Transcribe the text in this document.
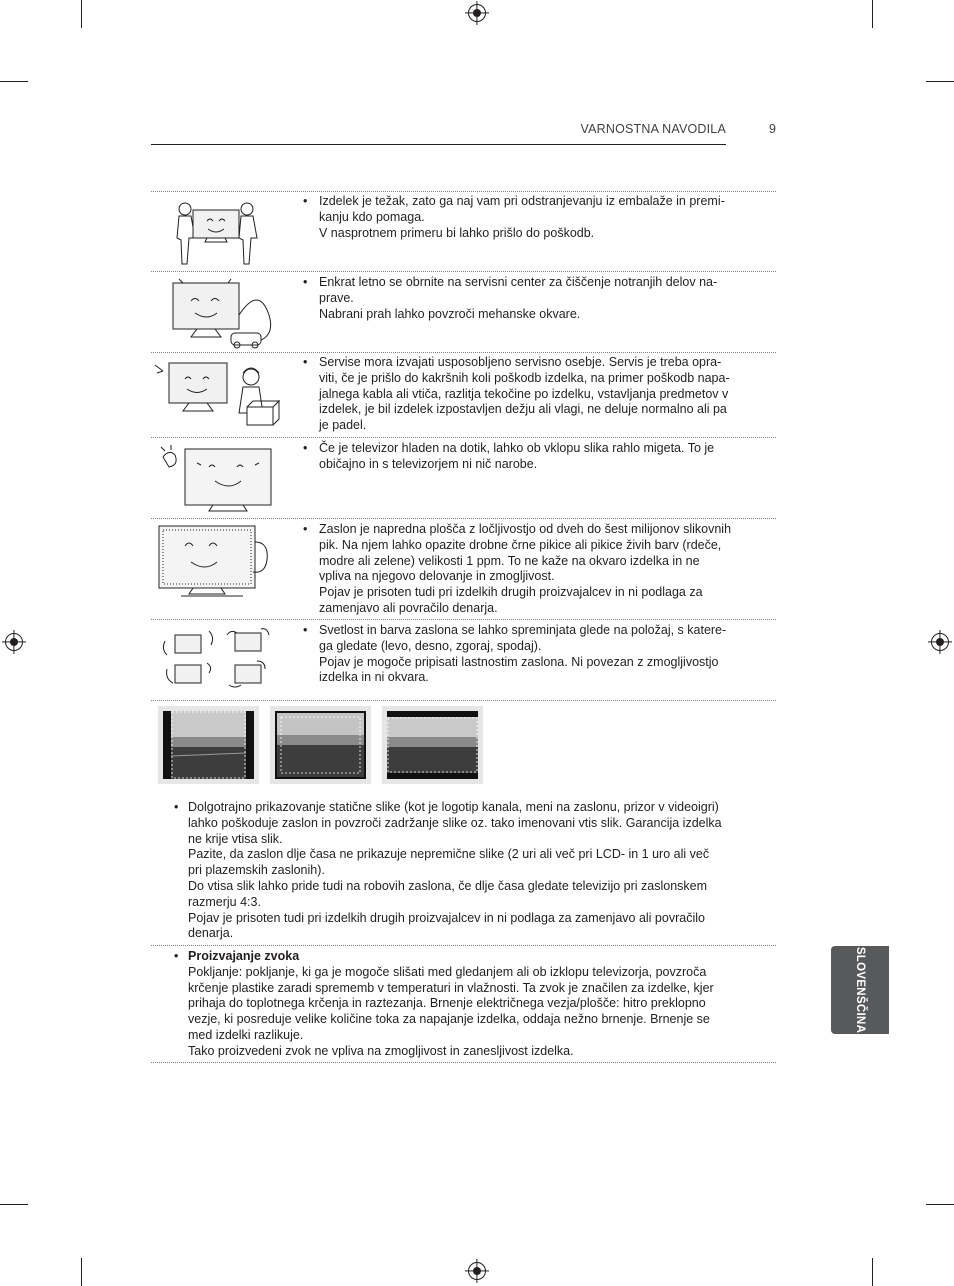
VARNOSTNA NAVODILA	9

• Izdelek je težak, zato ga naj vam pri odstranjevanju iz embalaže in premi-

kanju kdo pomaga.

V nasprotnem primeru bi lahko prišlo do poškodb.

• Enkrat letno se obrnite na servisni center za čiščenje notranjih delov na-

prave.

Nabrani prah lahko povzroči mehanske okvare.

• Servise mora izvajati usposobljeno servisno osebje. Servis je treba opra-

viti, če je prišlo do kakršnih koli poškodb izdelka, na primer poškodb napa-

jalnega kabla ali vtiča, razlitja tekočine po izdelku, vstavljanja predmetov v

izdelek, je bil izdelek izpostavljen dežju ali vlagi, ne deluje normalno ali pa

je padel.

• Če je televizor hladen na dotik, lahko ob vklopu slika rahlo migeta. To je

običajno in s televizorjem ni nič narobe.

• Zaslon je napredna plošča z ločljivostjo od dveh do šest milijonov slikovnih

pik. Na njem lahko opazite drobne črne pikice ali pikice živih barv (rdeče,

modre ali zelene) velikosti 1 ppm. To ne kaže na okvaro izdelka in ne

vpliva na njegovo delovanje in zmogljivost.

Pojav je prisoten tudi pri izdelkih drugih proizvajalcev in ni podlaga za

zamenjavo ali povračilo denarja.

• Svetlost in barva zaslona se lahko spreminjata glede na položaj, s katere-

ga gledate (levo, desno, zgoraj, spodaj).

Pojav je mogoče pripisati lastnostim zaslona. Ni povezan z zmogljivostjo

izdelka in ni okvara.

• Dolgotrajno prikazovanje statične slike (kot je logotip kanala, meni na zaslonu, prizor v videoigri)

lahko poškoduje zaslon in povzroči zadržanje slike oz. tako imenovani vtis slik. Garancija izdelka

ne krije vtisa slik.

Pazite, da zaslon dlje časa ne prikazuje nepremične slike (2 uri ali več pri LCD- in 1 uro ali več

pri plazemskih zaslonih).

Do vtisa slik lahko pride tudi na robovih zaslona, če dlje časa gledate televizijo pri zaslonskem

razmerju 4:3.

Pojav je prisoten tudi pri izdelkih drugih proizvajalcev in ni podlaga za zamenjavo ali povračilo

denarja.

• Proizvajanje zvoka

Pokljanje: pokljanje, ki ga je mogoče slišati med gledanjem ali ob izklopu televizorja, povzroča

krčenje plastike zaradi sprememb v temperaturi in vlažnosti. Ta zvok je značilen za izdelke, kjer

prihaja do toplotnega krčenja in raztezanja. Brnenje električnega vezja/plošče: hitro preklopno

vezje, ki posreduje velike količine toka za napajanje izdelka, oddaja nežno brnenje. Brnenje se

med izdelki razlikuje.

Tako proizvedeni zvok ne vpliva na zmogljivost in zanesljivost izdelka.

SLOVENŠČINA
